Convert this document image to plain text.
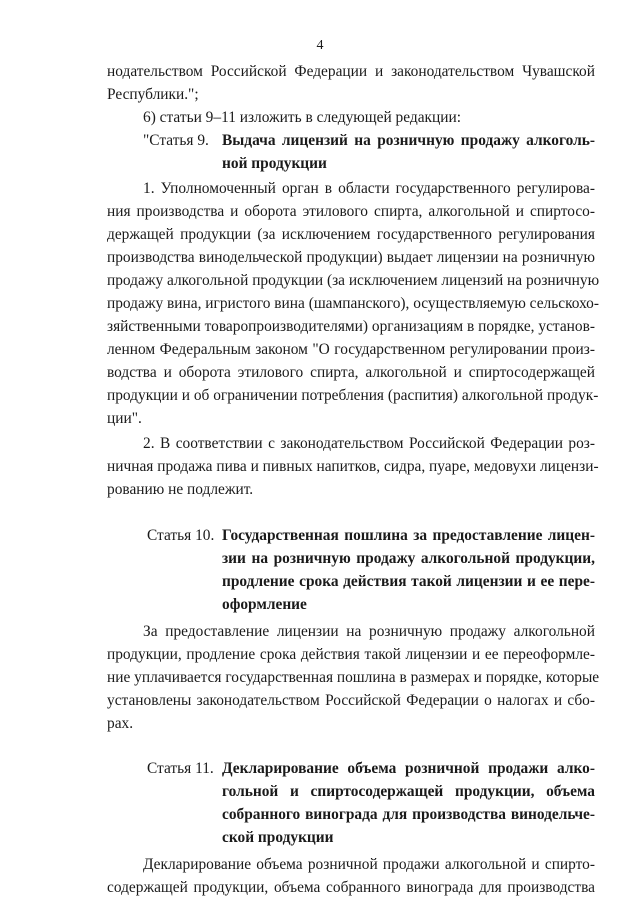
4
нодательством Российской Федерации и законодательством Чувашской
Республики.";
6) статьи 9–11 изложить в следующей редакции:
"Статья 9. Выдача лицензий на розничную продажу алкоголь-
ной продукции
1. Уполномоченный орган в области государственного регулирова-
ния производства и оборота этилового спирта, алкогольной и спиртосо-
держащей продукции (за исключением государственного регулирования
производства винодельческой продукции) выдает лицензии на розничную
продажу алкогольной продукции (за исключением лицензий на розничную
продажу вина, игристого вина (шампанского), осуществляемую сельскохо-
зяйственными товаропроизводителями) организациям в порядке, установ-
ленном Федеральным законом "О государственном регулировании произ-
водства и оборота этилового спирта, алкогольной и спиртосодержащей
продукции и об ограничении потребления (распития) алкогольной продук-
ции".
2. В соответствии с законодательством Российской Федерации роз-
ничная продажа пива и пивных напитков, сидра, пуаре, медовухи лицензи-
рованию не подлежит.
Статья 10. Государственная пошлина за предоставление лицен-
зии на розничную продажу алкогольной продукции,
продление срока действия такой лицензии и ее пере-
оформление
За предоставление лицензии на розничную продажу алкогольной
продукции, продление срока действия такой лицензии и ее переоформле-
ние уплачивается государственная пошлина в размерах и порядке, которые
установлены законодательством Российской Федерации о налогах и сбо-
рах.
Статья 11. Декларирование объема розничной продажи алко-
гольной и спиртосодержащей продукции, объема
собранного винограда для производства винодельче-
ской продукции
Декларирование объема розничной продажи алкогольной и спирто-
содержащей продукции, объема собранного винограда для производства
